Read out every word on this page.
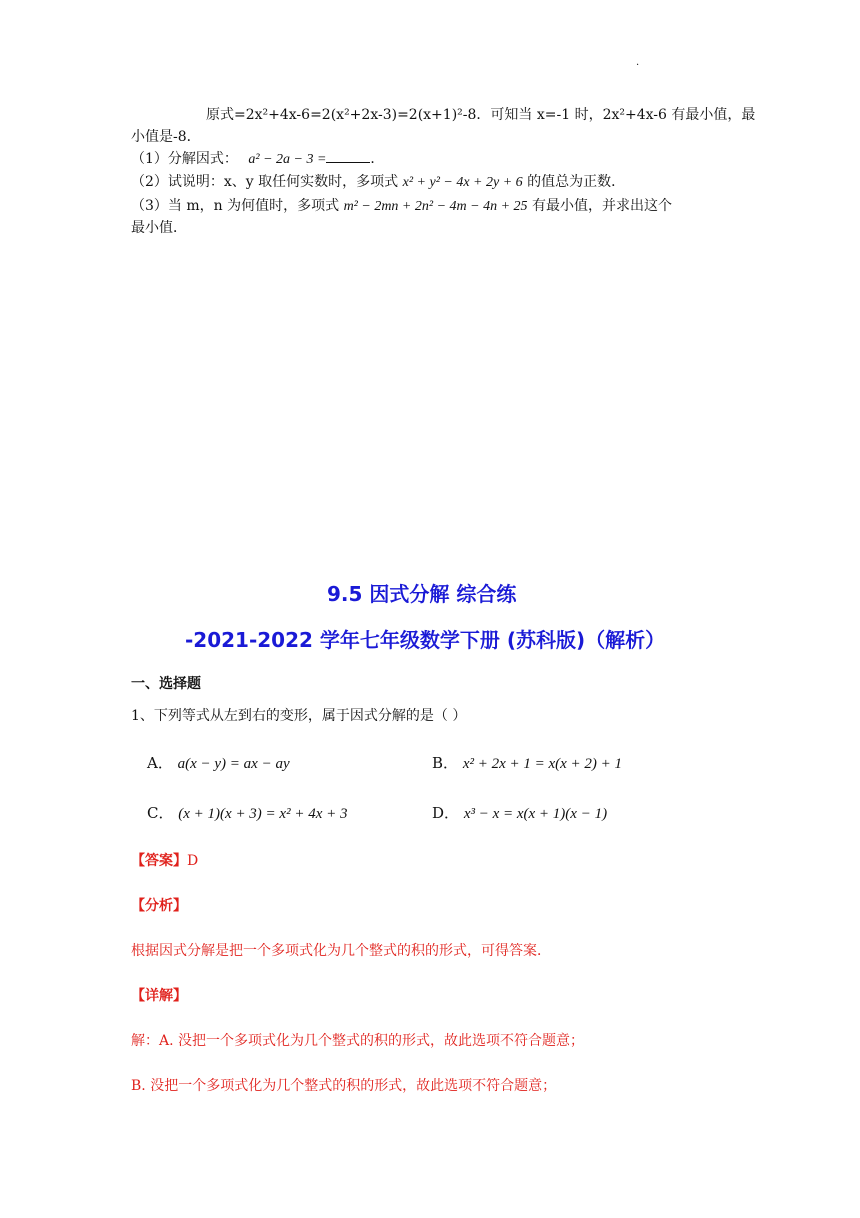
.
原式=2x²+4x-6=2(x²+2x-3)=2(x+1)²-8．可知当 x=-1 时，2x²+4x-6 有最小值，最
小值是-8．
（1）分解因式： a² − 2a − 3 =	．
（2）试说明：x、y 取任何实数时，多项式 x² + y² − 4x + 2y + 6 的值总为正数．
（3）当 m，n 为何值时，多项式 m² − 2mn + 2n² − 4m − 4n + 25 有最小值，并求出这个
最小值．
9.5 因式分解 综合练
-2021-2022 学年七年级数学下册 (苏科版)（解析）
一、选择题
1、下列等式从左到右的变形，属于因式分解的是（ ）
A． a(x − y) = ax − ay	B． x² + 2x + 1 = x(x + 2) + 1
C． (x + 1)(x + 3) = x² + 4x + 3	D． x³ − x = x(x + 1)(x − 1)
【答案】D
【分析】
根据因式分解是把一个多项式化为几个整式的积的形式，可得答案．
【详解】
解：A. 没把一个多项式化为几个整式的积的形式，故此选项不符合题意；
B. 没把一个多项式化为几个整式的积的形式，故此选项不符合题意；
